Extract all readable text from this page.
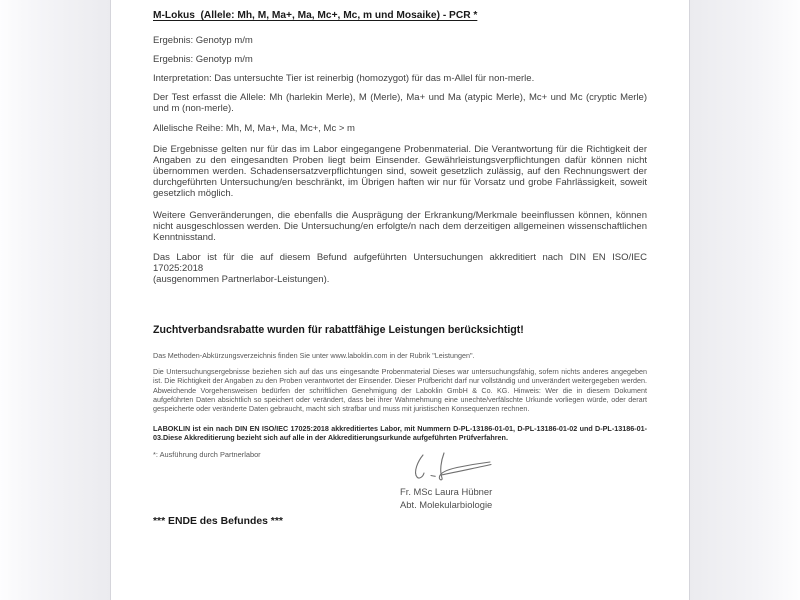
M-Lokus  (Allele: Mh, M, Ma+, Ma, Mc+, Mc, m und Mosaike) - PCR *
Ergebnis: Genotyp m/m
Ergebnis: Genotyp m/m
Interpretation: Das untersuchte Tier ist reinerbig (homozygot) für das m-Allel für non-merle.
Der Test erfasst die Allele: Mh (harlekin Merle), M (Merle), Ma+ und Ma (atypic Merle), Mc+ und Mc (cryptic Merle) und m (non-merle).
Allelische Reihe: Mh, M, Ma+, Ma, Mc+, Mc > m
Die Ergebnisse gelten nur für das im Labor eingegangene Probenmaterial. Die Verantwortung für die Richtigkeit der Angaben zu den eingesandten Proben liegt beim Einsender. Gewährleistungsverpflichtungen dafür können nicht übernommen werden. Schadensersatzverpflichtungen sind, soweit gesetzlich zulässig, auf den Rechnungswert der durchgeführten Untersuchung/en beschränkt, im Übrigen haften wir nur für Vorsatz und grobe Fahrlässigkeit, soweit gesetzlich möglich.
Weitere Genveränderungen, die ebenfalls die Ausprägung der Erkrankung/Merkmale beeinflussen können, können nicht ausgeschlossen werden. Die Untersuchung/en erfolgte/n nach dem derzeitigen allgemeinen wissenschaftlichen Kenntnisstand.
Das Labor ist für die auf diesem Befund aufgeführten Untersuchungen akkreditiert nach DIN EN ISO/IEC
17025:2018
(ausgenommen Partnerlabor-Leistungen).
Zuchtverbandsrabatte wurden für rabattfähige Leistungen berücksichtigt!
Das Methoden-Abkürzungsverzeichnis finden Sie unter www.laboklin.com in der Rubrik "Leistungen".
Die Untersuchungsergebnisse beziehen sich auf das uns eingesandte Probenmaterial Dieses war untersuchungsfähig, sofern nichts anderes angegeben ist. Die Richtigkeit der Angaben zu den Proben verantwortet der Einsender. Dieser Prüfbericht darf nur vollständig und unverändert weitergegeben werden. Abweichende Vorgehensweisen bedürfen der schriftlichen Genehmigung der Laboklin GmbH & Co. KG. Hinweis: Wer die in diesem Dokument aufgeführten Daten absichtlich so speichert oder verändert, dass bei ihrer Wahrnehmung eine unechte/verfälschte Urkunde vorliegen würde, oder derart gespeicherte oder veränderte Daten gebraucht, macht sich strafbar und muss mit juristischen Konsequenzen rechnen.
LABOKLIN ist ein nach DIN EN ISO/IEC 17025:2018 akkreditiertes Labor, mit Nummern D-PL-13186-01-01, D-PL-13186-01-02 und D-PL-13186-01-03.Diese Akkreditierung bezieht sich auf alle in der Akkreditierungsurkunde aufgeführten Prüfverfahren.
*: Ausführung durch Partnerlabor
Fr. MSc Laura Hübner
Abt. Molekularbiologie
*** ENDE des Befundes ***
